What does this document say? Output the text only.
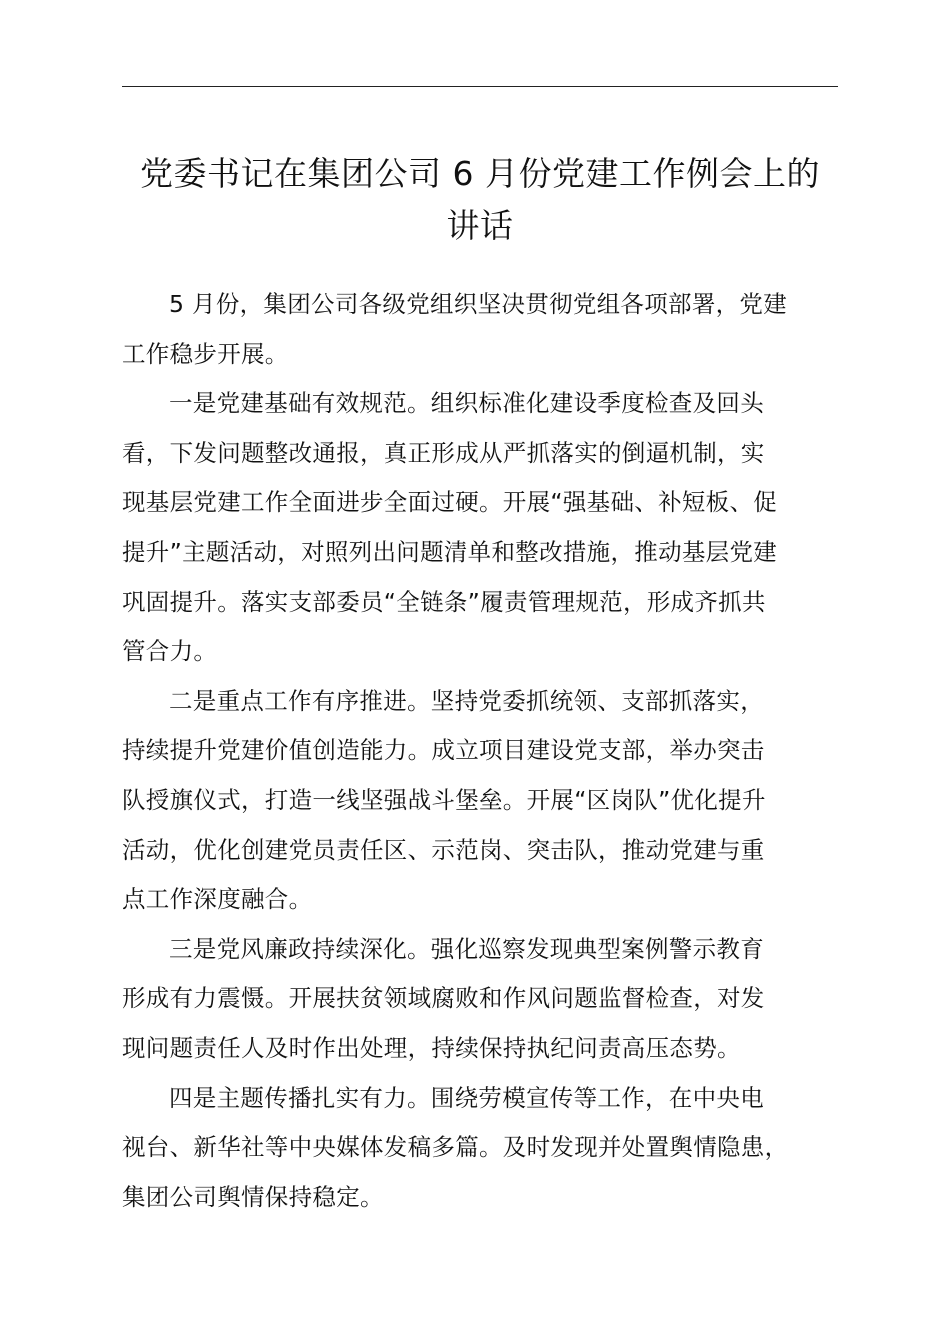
党委书记在集团公司 6 月份党建工作例会上的
讲话

5 月份，集团公司各级党组织坚决贯彻党组各项部署，党建
工作稳步开展。

一是党建基础有效规范。组织标准化建设季度检查及回头
看，下发问题整改通报，真正形成从严抓落实的倒逼机制，实
现基层党建工作全面进步全面过硬。开展“强基础、补短板、促
提升”主题活动，对照列出问题清单和整改措施，推动基层党建
巩固提升。落实支部委员“全链条”履责管理规范，形成齐抓共
管合力。

二是重点工作有序推进。坚持党委抓统领、支部抓落实，
持续提升党建价值创造能力。成立项目建设党支部，举办突击
队授旗仪式，打造一线坚强战斗堡垒。开展“区岗队”优化提升
活动，优化创建党员责任区、示范岗、突击队，推动党建与重
点工作深度融合。

三是党风廉政持续深化。强化巡察发现典型案例警示教育
形成有力震慑。开展扶贫领域腐败和作风问题监督检查，对发
现问题责任人及时作出处理，持续保持执纪问责高压态势。

四是主题传播扎实有力。围绕劳模宣传等工作，在中央电
视台、新华社等中央媒体发稿多篇。及时发现并处置舆情隐患，
集团公司舆情保持稳定。
